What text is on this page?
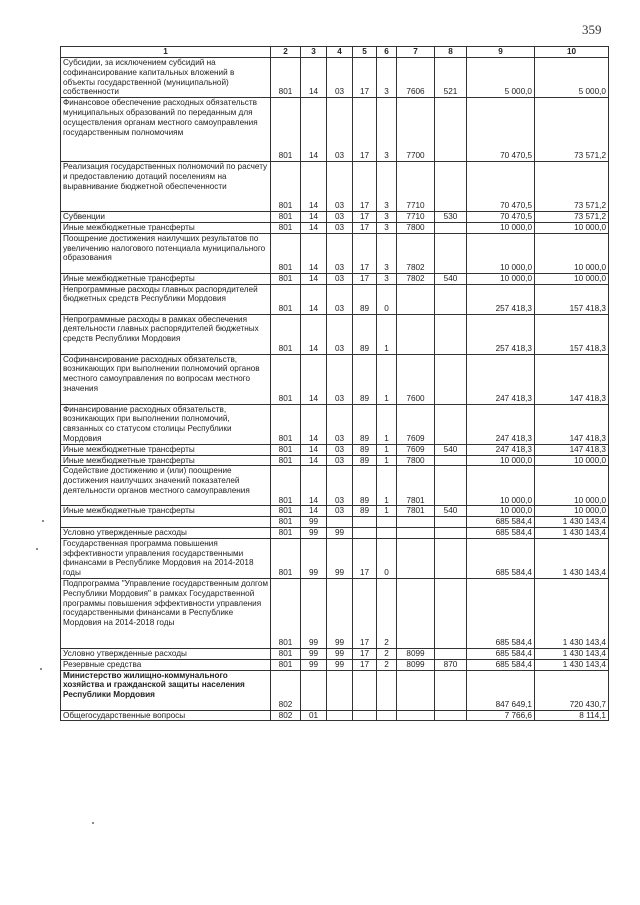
359
1	2	3	4	5	6	7	8	9	10
Субсидии, за исключением субсидий на софинансирование капитальных вложений в объекты государственной (муниципальной) собственности	801	14	03	17	3	7606	521	5 000,0	5 000,0
Финансовое обеспечение расходных обязательств муниципальных образований по переданным для осуществления органам местного самоуправления государственным полномочиям	801	14	03	17	3	7700		70 470,5	73 571,2
Реализация государственных полномочий по расчету и предоставлению дотаций поселениям на выравнивание бюджетной обеспеченности	801	14	03	17	3	7710		70 470,5	73 571,2
Субвенции	801	14	03	17	3	7710	530	70 470,5	73 571,2
Иные межбюджетные трансферты	801	14	03	17	3	7800		10 000,0	10 000,0
Поощрение достижения наилучших результатов по увеличению налогового потенциала муниципального образования	801	14	03	17	3	7802		10 000,0	10 000,0
Иные межбюджетные трансферты	801	14	03	17	3	7802	540	10 000,0	10 000,0
Непрограммные расходы главных распорядителей бюджетных средств Республики Мордовия	801	14	03	89	0			257 418,3	157 418,3
Непрограммные расходы в рамках обеспечения деятельности главных распорядителей бюджетных средств Республики Мордовия	801	14	03	89	1			257 418,3	157 418,3
Софинансирование расходных обязательств, возникающих при выполнении полномочий органов местного самоуправления по вопросам местного значения	801	14	03	89	1	7600		247 418,3	147 418,3
Финансирование расходных обязательств, возникающих при выполнении полномочий, связанных со статусом столицы Республики Мордовия	801	14	03	89	1	7609		247 418,3	147 418,3
Иные межбюджетные трансферты	801	14	03	89	1	7609	540	247 418,3	147 418,3
Иные межбюджетные трансферты	801	14	03	89	1	7800		10 000,0	10 000,0
Содействие достижению и (или) поощрение достижения наилучших значений показателей деятельности органов местного самоуправления	801	14	03	89	1	7801		10 000,0	10 000,0
Иные межбюджетные трансферты	801	14	03	89	1	7801	540	10 000,0	10 000,0
	801	99						685 584,4	1 430 143,4
Условно утвержденные расходы	801	99	99					685 584,4	1 430 143,4
Государственная программа повышения эффективности управления государственными финансами в Республике Мордовия на 2014-2018 годы	801	99	99	17	0			685 584,4	1 430 143,4
Подпрограмма "Управление государственным долгом Республики Мордовия" в рамках Государственной программы повышения эффективности управления государственными финансами в Республике Мордовия на 2014-2018 годы	801	99	99	17	2			685 584,4	1 430 143,4
Условно утвержденные расходы	801	99	99	17	2	8099		685 584,4	1 430 143,4
Резервные средства	801	99	99	17	2	8099	870	685 584,4	1 430 143,4
Министерство жилищно-коммунального хозяйства и гражданской защиты населения Республики Мордовия	802							847 649,1	720 430,7
Общегосударственные вопросы	802	01						7 766,6	8 114,1
